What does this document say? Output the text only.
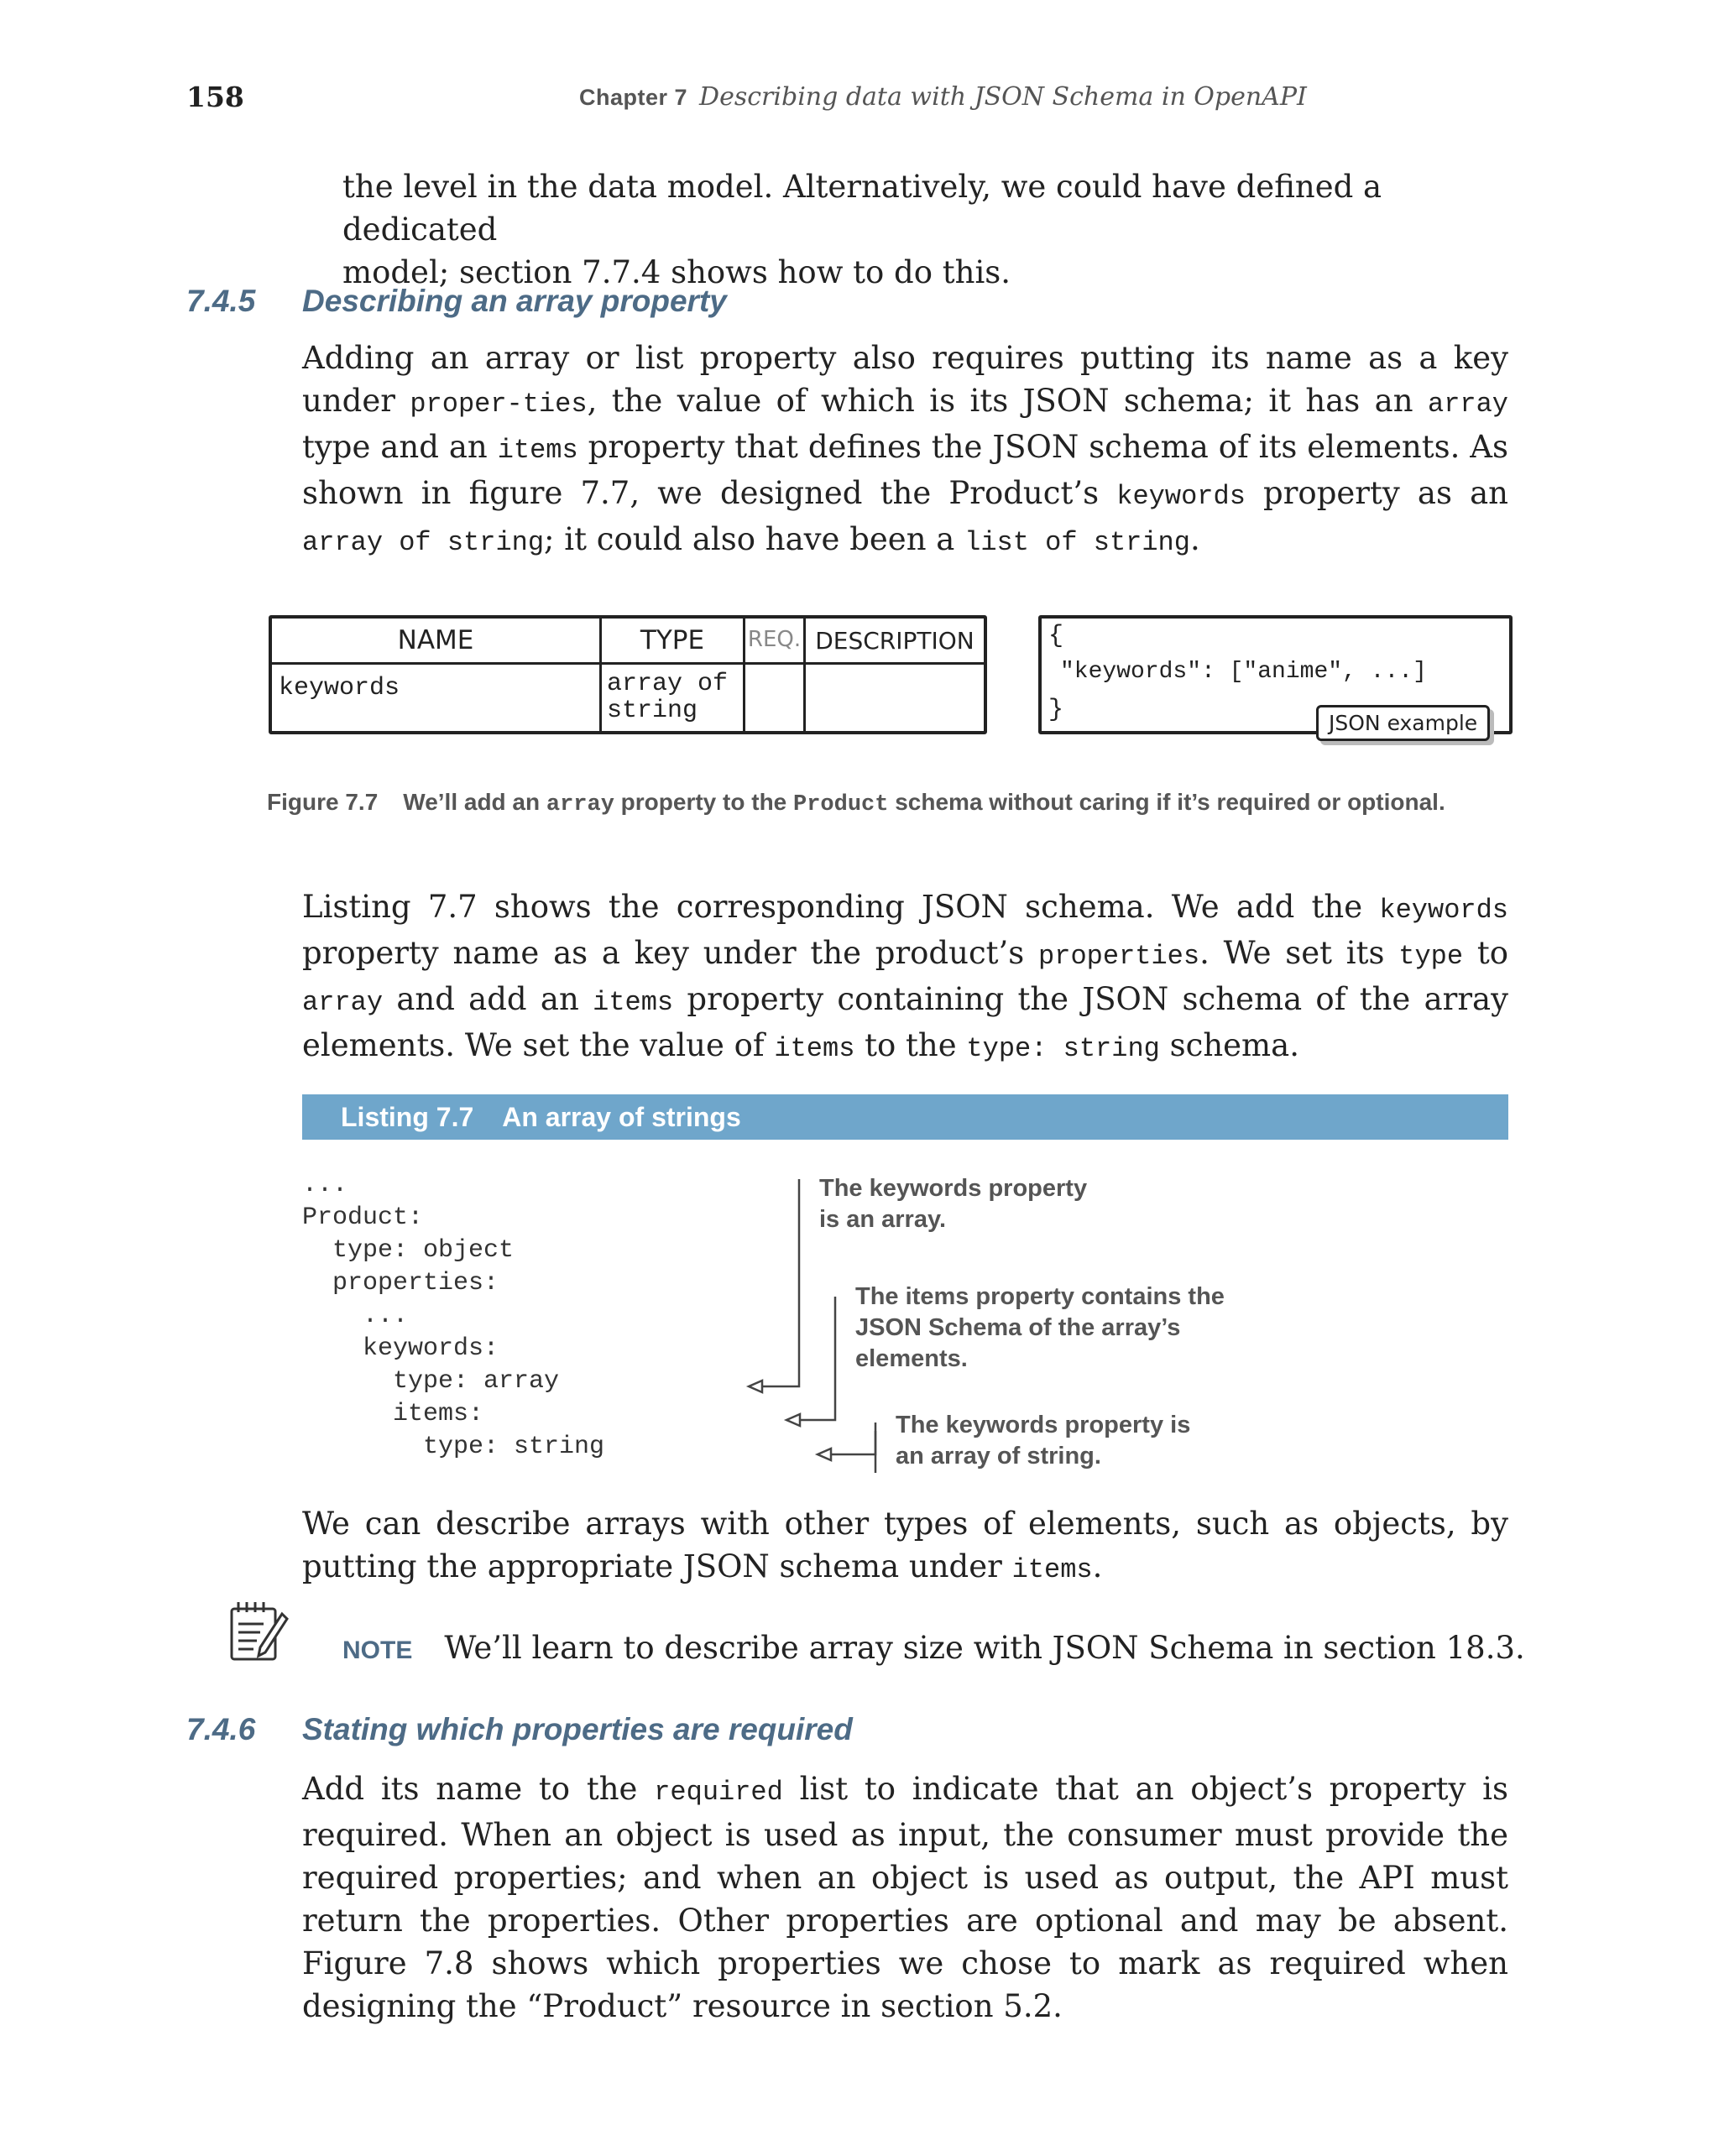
158	Chapter 7 Describing data with JSON Schema in OpenAPI
the level in the data model. Alternatively, we could have defined a dedicated
model; section 7.7.4 shows how to do this.
7.4.5 Describing an array property

Adding an array or list property also requires putting its name as a key under proper-ties, the value of which is its JSON schema; it has an array type and an items property that defines the JSON schema of its elements. As shown in figure 7.7, we designed the Product’s keywords property as an array of string; it could also have been a list of string.

NAME	TYPE	REQ. DESCRIPTION
keywords	array of
string
{
"keywords": ["anime", ...]
}	JSON example
Figure 7.7 We’ll add an array property to the Product schema without caring if it’s required or optional.

Listing 7.7 shows the corresponding JSON schema. We add the keywords property name as a key under the product’s properties. We set its type to array and add an items property containing the JSON schema of the array elements. We set the value of items to the type: string schema.

Listing 7.7 An array of strings
...
Product:
type: object
properties:
...
keywords:
type: array
items:
type: string
The keywords property
is an array.
The items property contains the
JSON Schema of the array’s
elements.
The keywords property is
an array of string.

We can describe arrays with other types of elements, such as objects, by putting the appropriate JSON schema under items.

NOTE We’ll learn to describe array size with JSON Schema in section 18.3.
7.4.6 Stating which properties are required

Add its name to the required list to indicate that an object’s property is required. When an object is used as input, the consumer must provide the required properties; and when an object is used as output, the API must return the properties. Other properties are optional and may be absent. Figure 7.8 shows which properties we chose to mark as required when designing the “Product” resource in section 5.2.
